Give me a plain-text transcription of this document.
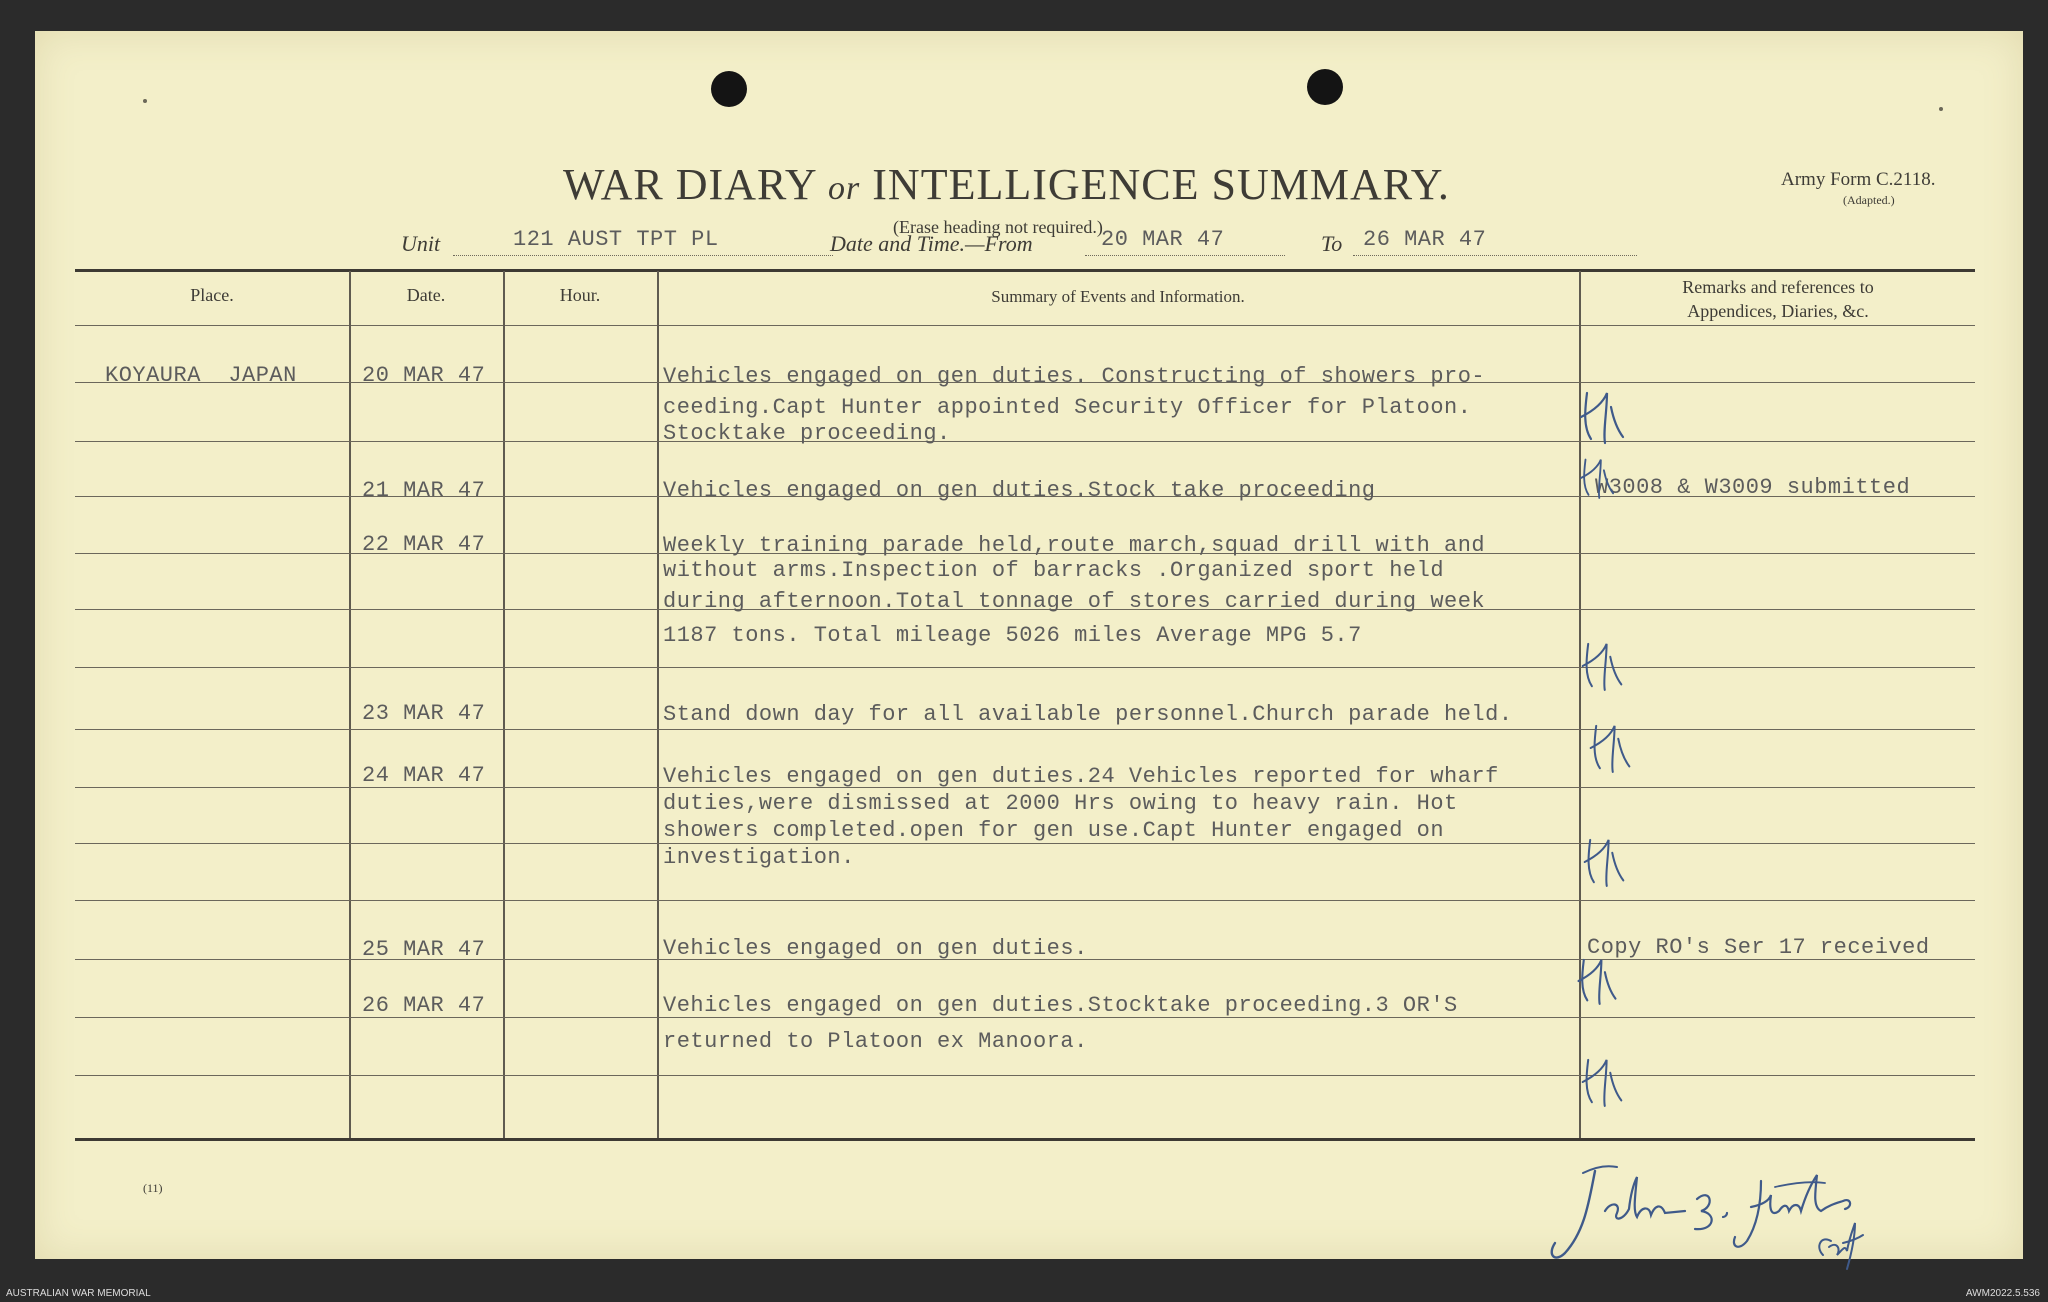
WAR DIARY or INTELLIGENCE SUMMARY.
(Erase heading not required.)
Army Form C.2118.
(Adapted.)
Unit	121 AUST TPT PL	Date and Time.—From	20 MAR 47	To 26 MAR 47
Place.	Date.	Hour.	Summary of Events and Information.	Remarks and references to
Appendices, Diaries, &c.
KOYAURA  JAPAN	20 MAR 47	Vehicles engaged on gen duties. Constructing of showers pro-
ceeding.Capt Hunter appointed Security Officer for Platoon.
Stocktake proceeding.
21 MAR 47	Vehicles engaged on gen duties.Stock take proceeding	W3008 & W3009 submitted
22 MAR 47	Weekly training parade held,route march,squad drill with and
without arms.Inspection of barracks .Organized sport held
during afternoon.Total tonnage of stores carried during week
1187 tons. Total mileage 5026 miles Average MPG 5.7
23 MAR 47	Stand down day for all available personnel.Church parade held.
24 MAR 47	Vehicles engaged on gen duties.24 Vehicles reported for wharf
duties,were dismissed at 2000 Hrs owing to heavy rain. Hot
showers completed.open for gen use.Capt Hunter engaged on
investigation.
25 MAR 47	Vehicles engaged on gen duties.	Copy RO's Ser 17 received
26 MAR 47	Vehicles engaged on gen duties.Stocktake proceeding.3 OR'S
returned to Platoon ex Manoora.
(11)
AUSTRALIAN WAR MEMORIAL	AWM2022.5.536
